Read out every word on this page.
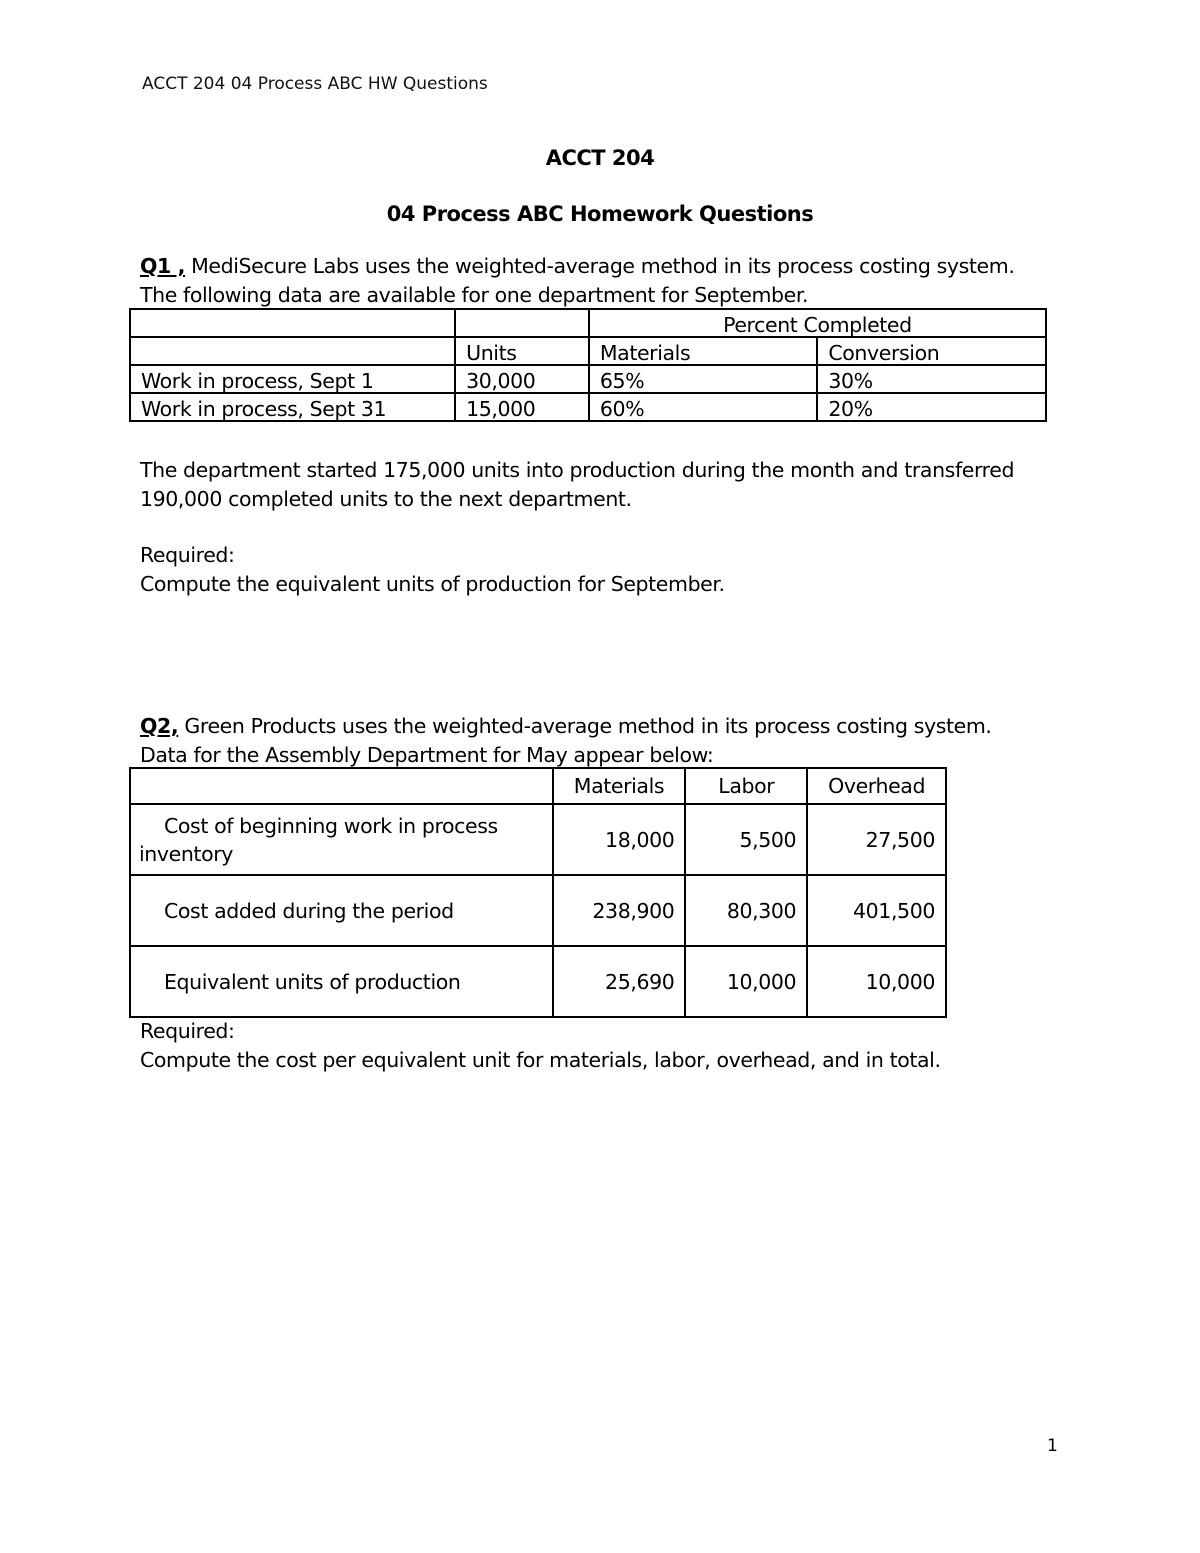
ACCT 204 04 Process ABC HW Questions
ACCT 204
04 Process ABC Homework Questions
Q1 , MediSecure Labs uses the weighted-average method in its process costing system.
The following data are available for one department for September.
		Percent Completed	
	Units	Materials	Conversion
Work in process, Sept 1	30,000	65%	30%
Work in process, Sept 31	15,000	60%	20%
The department started 175,000 units into production during the month and transferred
190,000 completed units to the next department.
Required:
Compute the equivalent units of production for September.
Q2, Green Products uses the weighted-average method in its process costing system.
Data for the Assembly Department for May appear below:
	Materials	Labor	Overhead

Cost of beginning work in process
inventory	18,000	5,500	27,500
Cost added during the period	238,900	80,300	401,500
Equivalent units of production	25,690	10,000	10,000
Required:
Compute the cost per equivalent unit for materials, labor, overhead, and in total.
1
